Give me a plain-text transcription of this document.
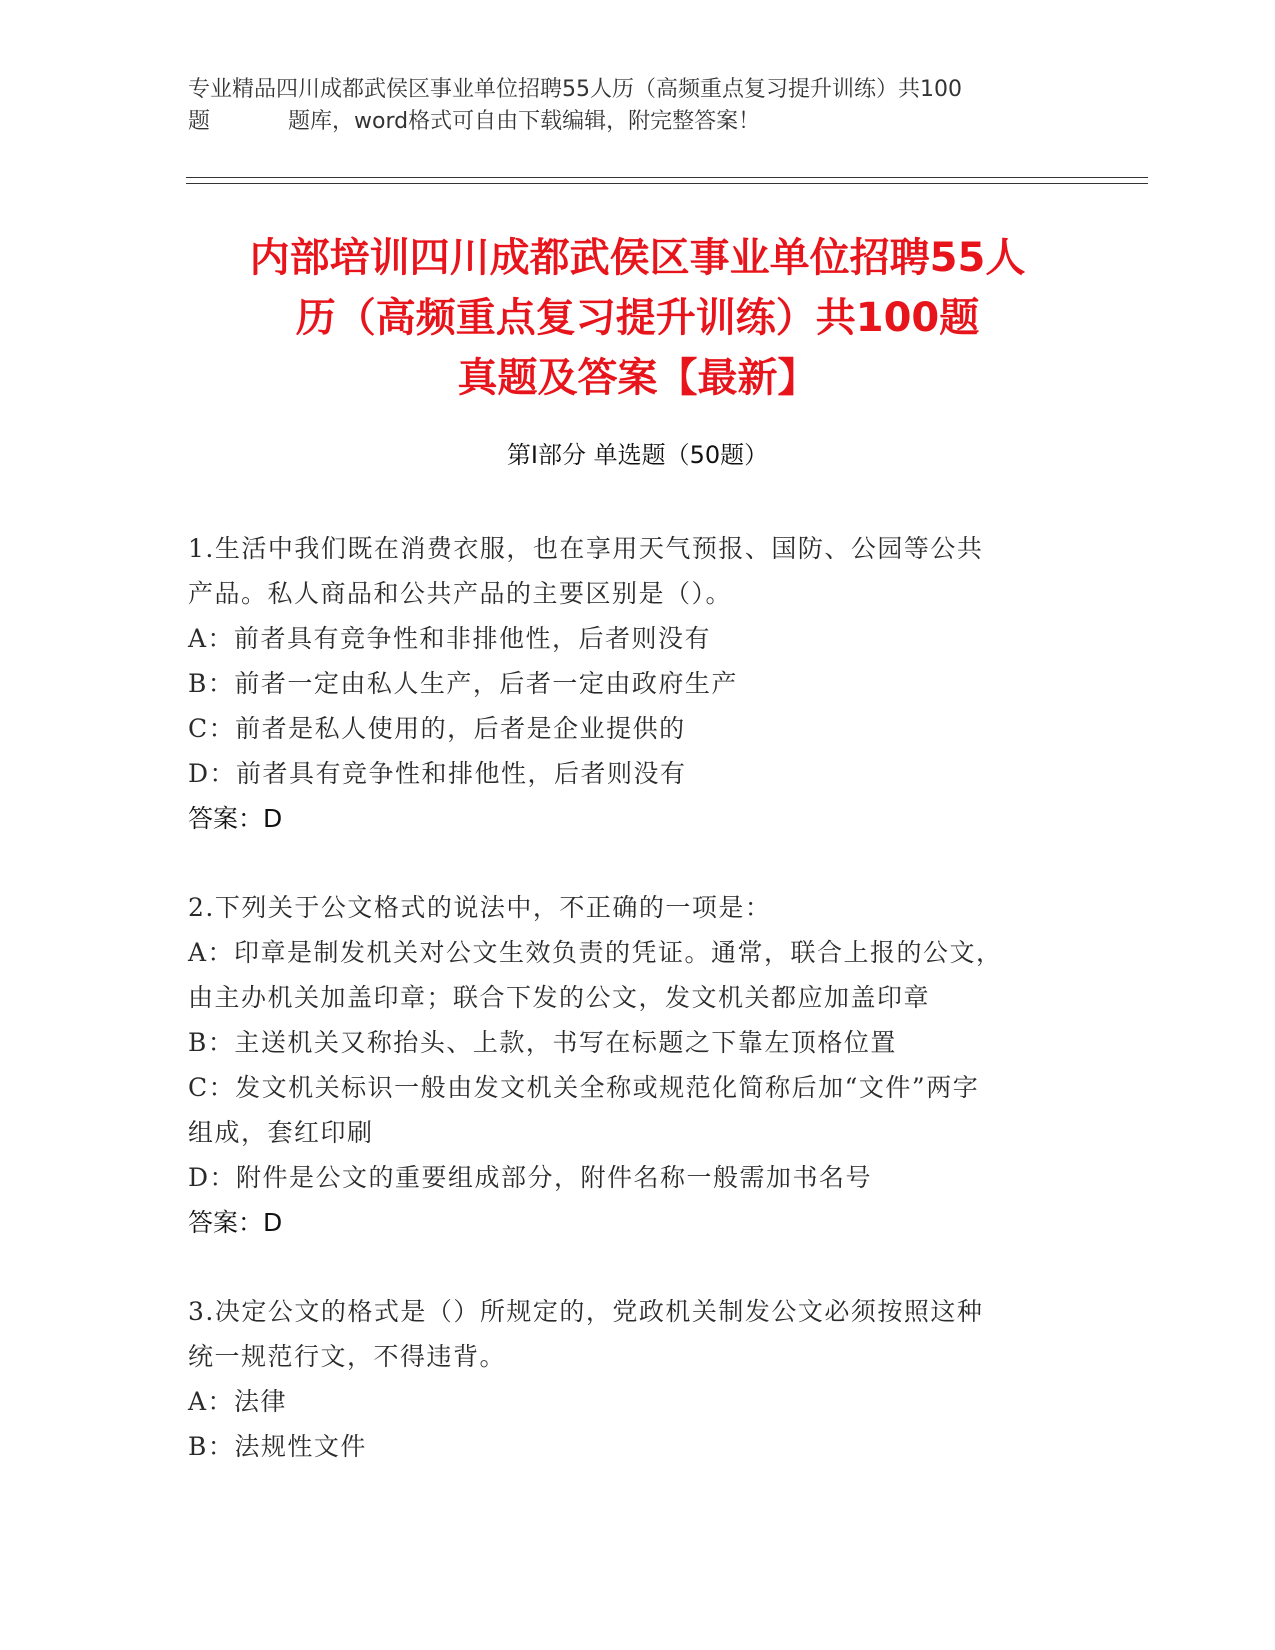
专业精品四川成都武侯区事业单位招聘55人历（高频重点复习提升训练）共100
题	题库，word格式可自由下载编辑，附完整答案！
内部培训四川成都武侯区事业单位招聘55人
历（高频重点复习提升训练）共100题
真题及答案【最新】
第Ⅰ部分 单选题（50题）
1.生活中我们既在消费衣服，也在享用天气预报、国防、公园等公共
产品。私人商品和公共产品的主要区别是（）。
A：前者具有竞争性和非排他性，后者则没有
B：前者一定由私人生产，后者一定由政府生产
C：前者是私人使用的，后者是企业提供的
D：前者具有竞争性和排他性，后者则没有
答案：D
2.下列关于公文格式的说法中，不正确的一项是：
A：印章是制发机关对公文生效负责的凭证。通常，联合上报的公文，
由主办机关加盖印章；联合下发的公文，发文机关都应加盖印章
B：主送机关又称抬头、上款，书写在标题之下靠左顶格位置
C：发文机关标识一般由发文机关全称或规范化简称后加“文件”两字
组成，套红印刷
D：附件是公文的重要组成部分，附件名称一般需加书名号
答案：D
3.决定公文的格式是（）所规定的，党政机关制发公文必须按照这种
统一规范行文，不得违背。
A：法律
B：法规性文件
